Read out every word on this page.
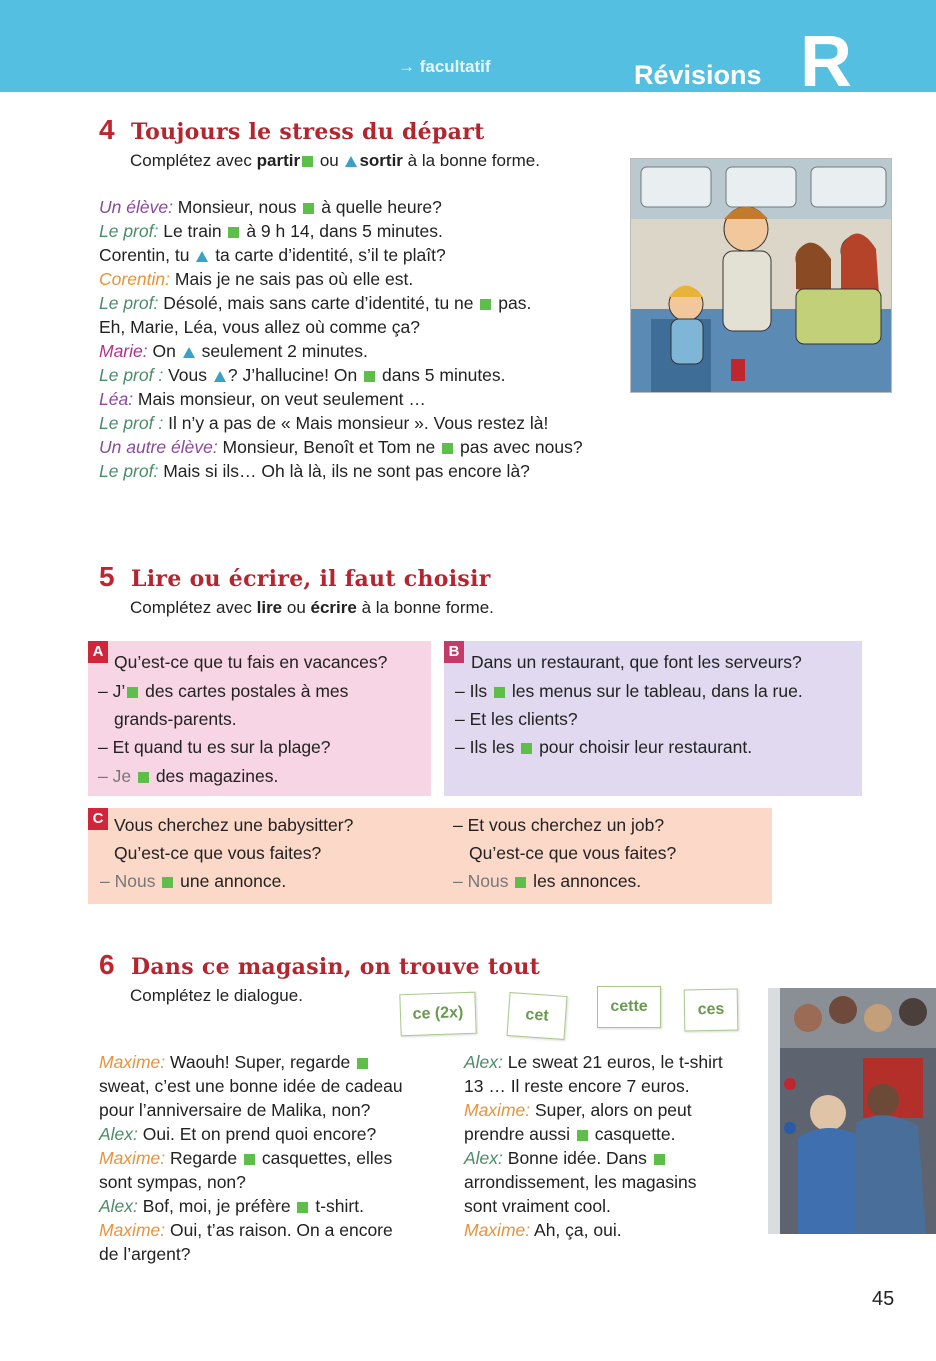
→ facultatif	Révisions R
4 Toujours le stress du départ
Complétez avec partir ou sortir à la bonne forme.
Un élève: Monsieur, nous  à quelle heure?
Le prof: Le train  à 9 h 14, dans 5 minutes.
Corentin, tu  ta carte d’identité, s’il te plaît?
Corentin: Mais je ne sais pas où elle est.
Le prof: Désolé, mais sans carte d’identité, tu ne  pas.
Eh, Marie, Léa, vous allez où comme ça?
Marie: On  seulement 2 minutes.
Le prof : Vous ? J’hallucine! On  dans 5 minutes.
Léa: Mais monsieur, on veut seulement …
Le prof : Il n’y a pas de « Mais monsieur ». Vous restez là!
Un autre élève: Monsieur, Benoît et Tom ne  pas avec nous?
Le prof: Mais si ils… Oh là là, ils ne sont pas encore là?
5 Lire ou écrire, il faut choisir
Complétez avec lire ou écrire à la bonne forme.
A
Qu’est-ce que tu fais en vacances?
– J’ des cartes postales à mes
grands-parents.
– Et quand tu es sur la plage?
– Je  des magazines.
B
Dans un restaurant, que font les serveurs?
– Ils  les menus sur le tableau, dans la rue.
– Et les clients?
– Ils les  pour choisir leur restaurant.
C Vous cherchez une babysitter?
Qu’est-ce que vous faites?
– Nous  une annonce.
– Et vous cherchez un job?
Qu’est-ce que vous faites?
– Nous  les annonces.
6 Dans ce magasin, on trouve tout
Complétez le dialogue.
ce (2x)	cet	cette	ces
Maxime: Waouh! Super, regarde
sweat, c’est une bonne idée de cadeau
pour l’anniversaire de Malika, non?
Alex: Oui. Et on prend quoi encore?
Maxime: Regarde  casquettes, elles
sont sympas, non?
Alex: Bof, moi, je préfère  t-shirt.
Maxime: Oui, t’as raison. On a encore
de l’argent?
Alex: Le sweat 21 euros, le t-shirt
13 … Il reste encore 7 euros.
Maxime: Super, alors on peut
prendre aussi  casquette.
Alex: Bonne idée. Dans
arrondissement, les magasins
sont vraiment cool.
Maxime: Ah, ça, oui.
45
